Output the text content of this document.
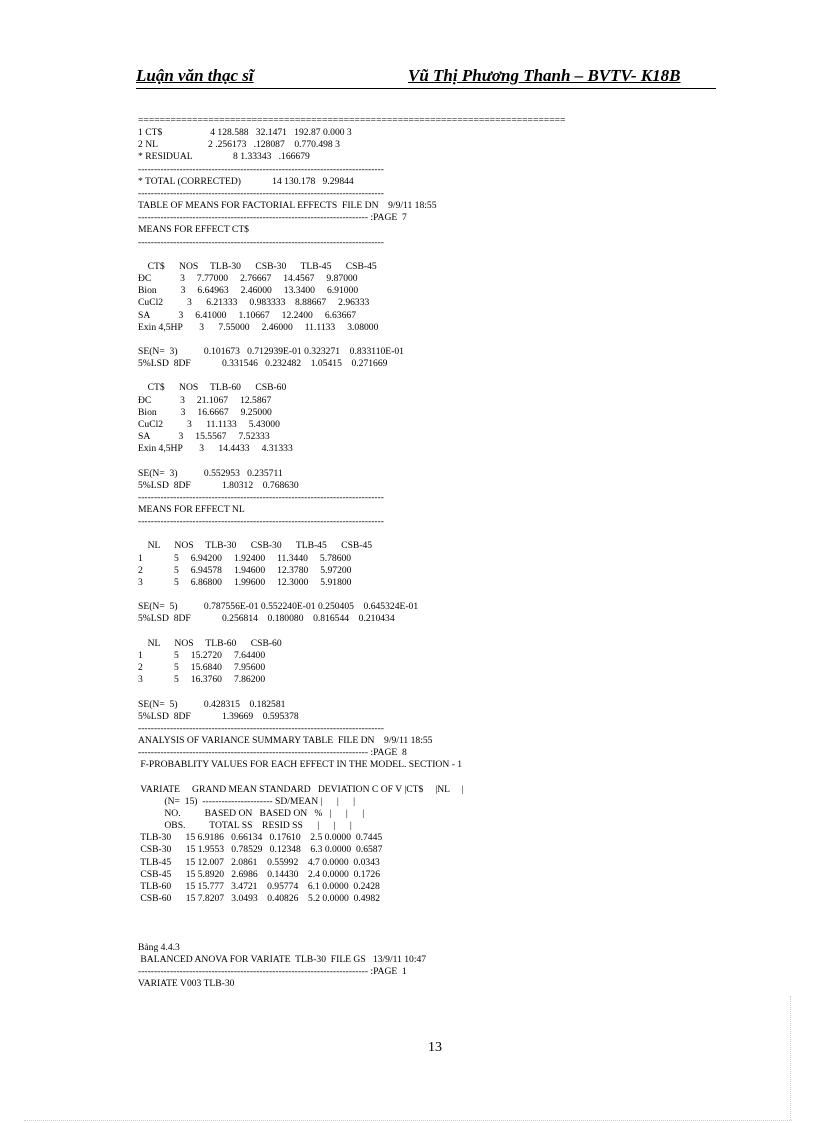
Luận văn thạc sĩ	Vũ Thị Phương Thanh – BVTV- K18B
===============================================================================
1 CT$                    4 128.588   32.1471   192.87 0.000 3
2 NL                     2 .256173   .128087    0.770.498 3
* RESIDUAL                 8 1.33343   .166679
-----------------------------------------------------------------------------
* TOTAL (CORRECTED)             14 130.178   9.29844
-----------------------------------------------------------------------------
TABLE OF MEANS FOR FACTORIAL EFFECTS  FILE DN    9/9/11 18:55
------------------------------------------------------------------------ :PAGE  7
MEANS FOR EFFECT CT$
-----------------------------------------------------------------------------

CT$      NOS     TLB-30      CSB-30      TLB-45      CSB-45
ĐC            3     7.77000     2.76667     14.4567     9.87000
Bion          3     6.64963     2.46000     13.3400     6.91000
CuCl2          3      6.21333     0.983333    8.88667     2.96333
SA            3     6.41000     1.10667     12.2400     6.63667
Exin 4,5HP       3      7.55000     2.46000     11.1133     3.08000

SE(N=  3)           0.101673   0.712939E-01 0.323271    0.833110E-01
5%LSD  8DF             0.331546   0.232482    1.05415    0.271669

CT$      NOS     TLB-60      CSB-60
ĐC            3     21.1067     12.5867
Bion          3     16.6667     9.25000
CuCl2          3      11.1133     5.43000
SA            3     15.5567     7.52333
Exin 4,5HP       3      14.4433     4.31333

SE(N=  3)           0.552953   0.235711
5%LSD  8DF             1.80312    0.768630
-----------------------------------------------------------------------------
MEANS FOR EFFECT NL
-----------------------------------------------------------------------------

NL      NOS     TLB-30      CSB-30      TLB-45      CSB-45
1             5     6.94200     1.92400     11.3440     5.78600
2             5     6.94578     1.94600     12.3780     5.97200
3             5     6.86800     1.99600     12.3000     5.91800

SE(N=  5)           0.787556E-01 0.552240E-01 0.250405    0.645324E-01
5%LSD  8DF             0.256814    0.180080    0.816544    0.210434

NL      NOS     TLB-60      CSB-60
1             5     15.2720     7.64400
2             5     15.6840     7.95600
3             5     16.3760     7.86200

SE(N=  5)           0.428315    0.182581
5%LSD  8DF             1.39669    0.595378
-----------------------------------------------------------------------------
ANALYSIS OF VARIANCE SUMMARY TABLE  FILE DN    9/9/11 18:55
------------------------------------------------------------------------ :PAGE  8
F-PROBABLITY VALUES FOR EACH EFFECT IN THE MODEL. SECTION - 1

VARIATE     GRAND MEAN STANDARD   DEVIATION C OF V |CT$     |NL     |
(N=  15)  ---------------------- SD/MEAN |      |      |
NO.          BASED ON   BASED ON   %   |      |      |
OBS.          TOTAL SS    RESID SS      |      |      |
TLB-30      15 6.9186   0.66134   0.17610    2.5 0.0000  0.7445
CSB-30      15 1.9553   0.78529   0.12348    6.3 0.0000  0.6587
TLB-45      15 12.007   2.0861    0.55992    4.7 0.0000  0.0343
CSB-45      15 5.8920   2.6986    0.14430    2.4 0.0000  0.1726
TLB-60      15 15.777   3.4721    0.95774    6.1 0.0000  0.2428
CSB-60      15 7.8207   3.0493    0.40826    5.2 0.0000  0.4982

Bảng 4.4.3
BALANCED ANOVA FOR VARIATE  TLB-30  FILE GS   13/9/11 10:47
------------------------------------------------------------------------ :PAGE  1
VARIATE V003 TLB-30

13
